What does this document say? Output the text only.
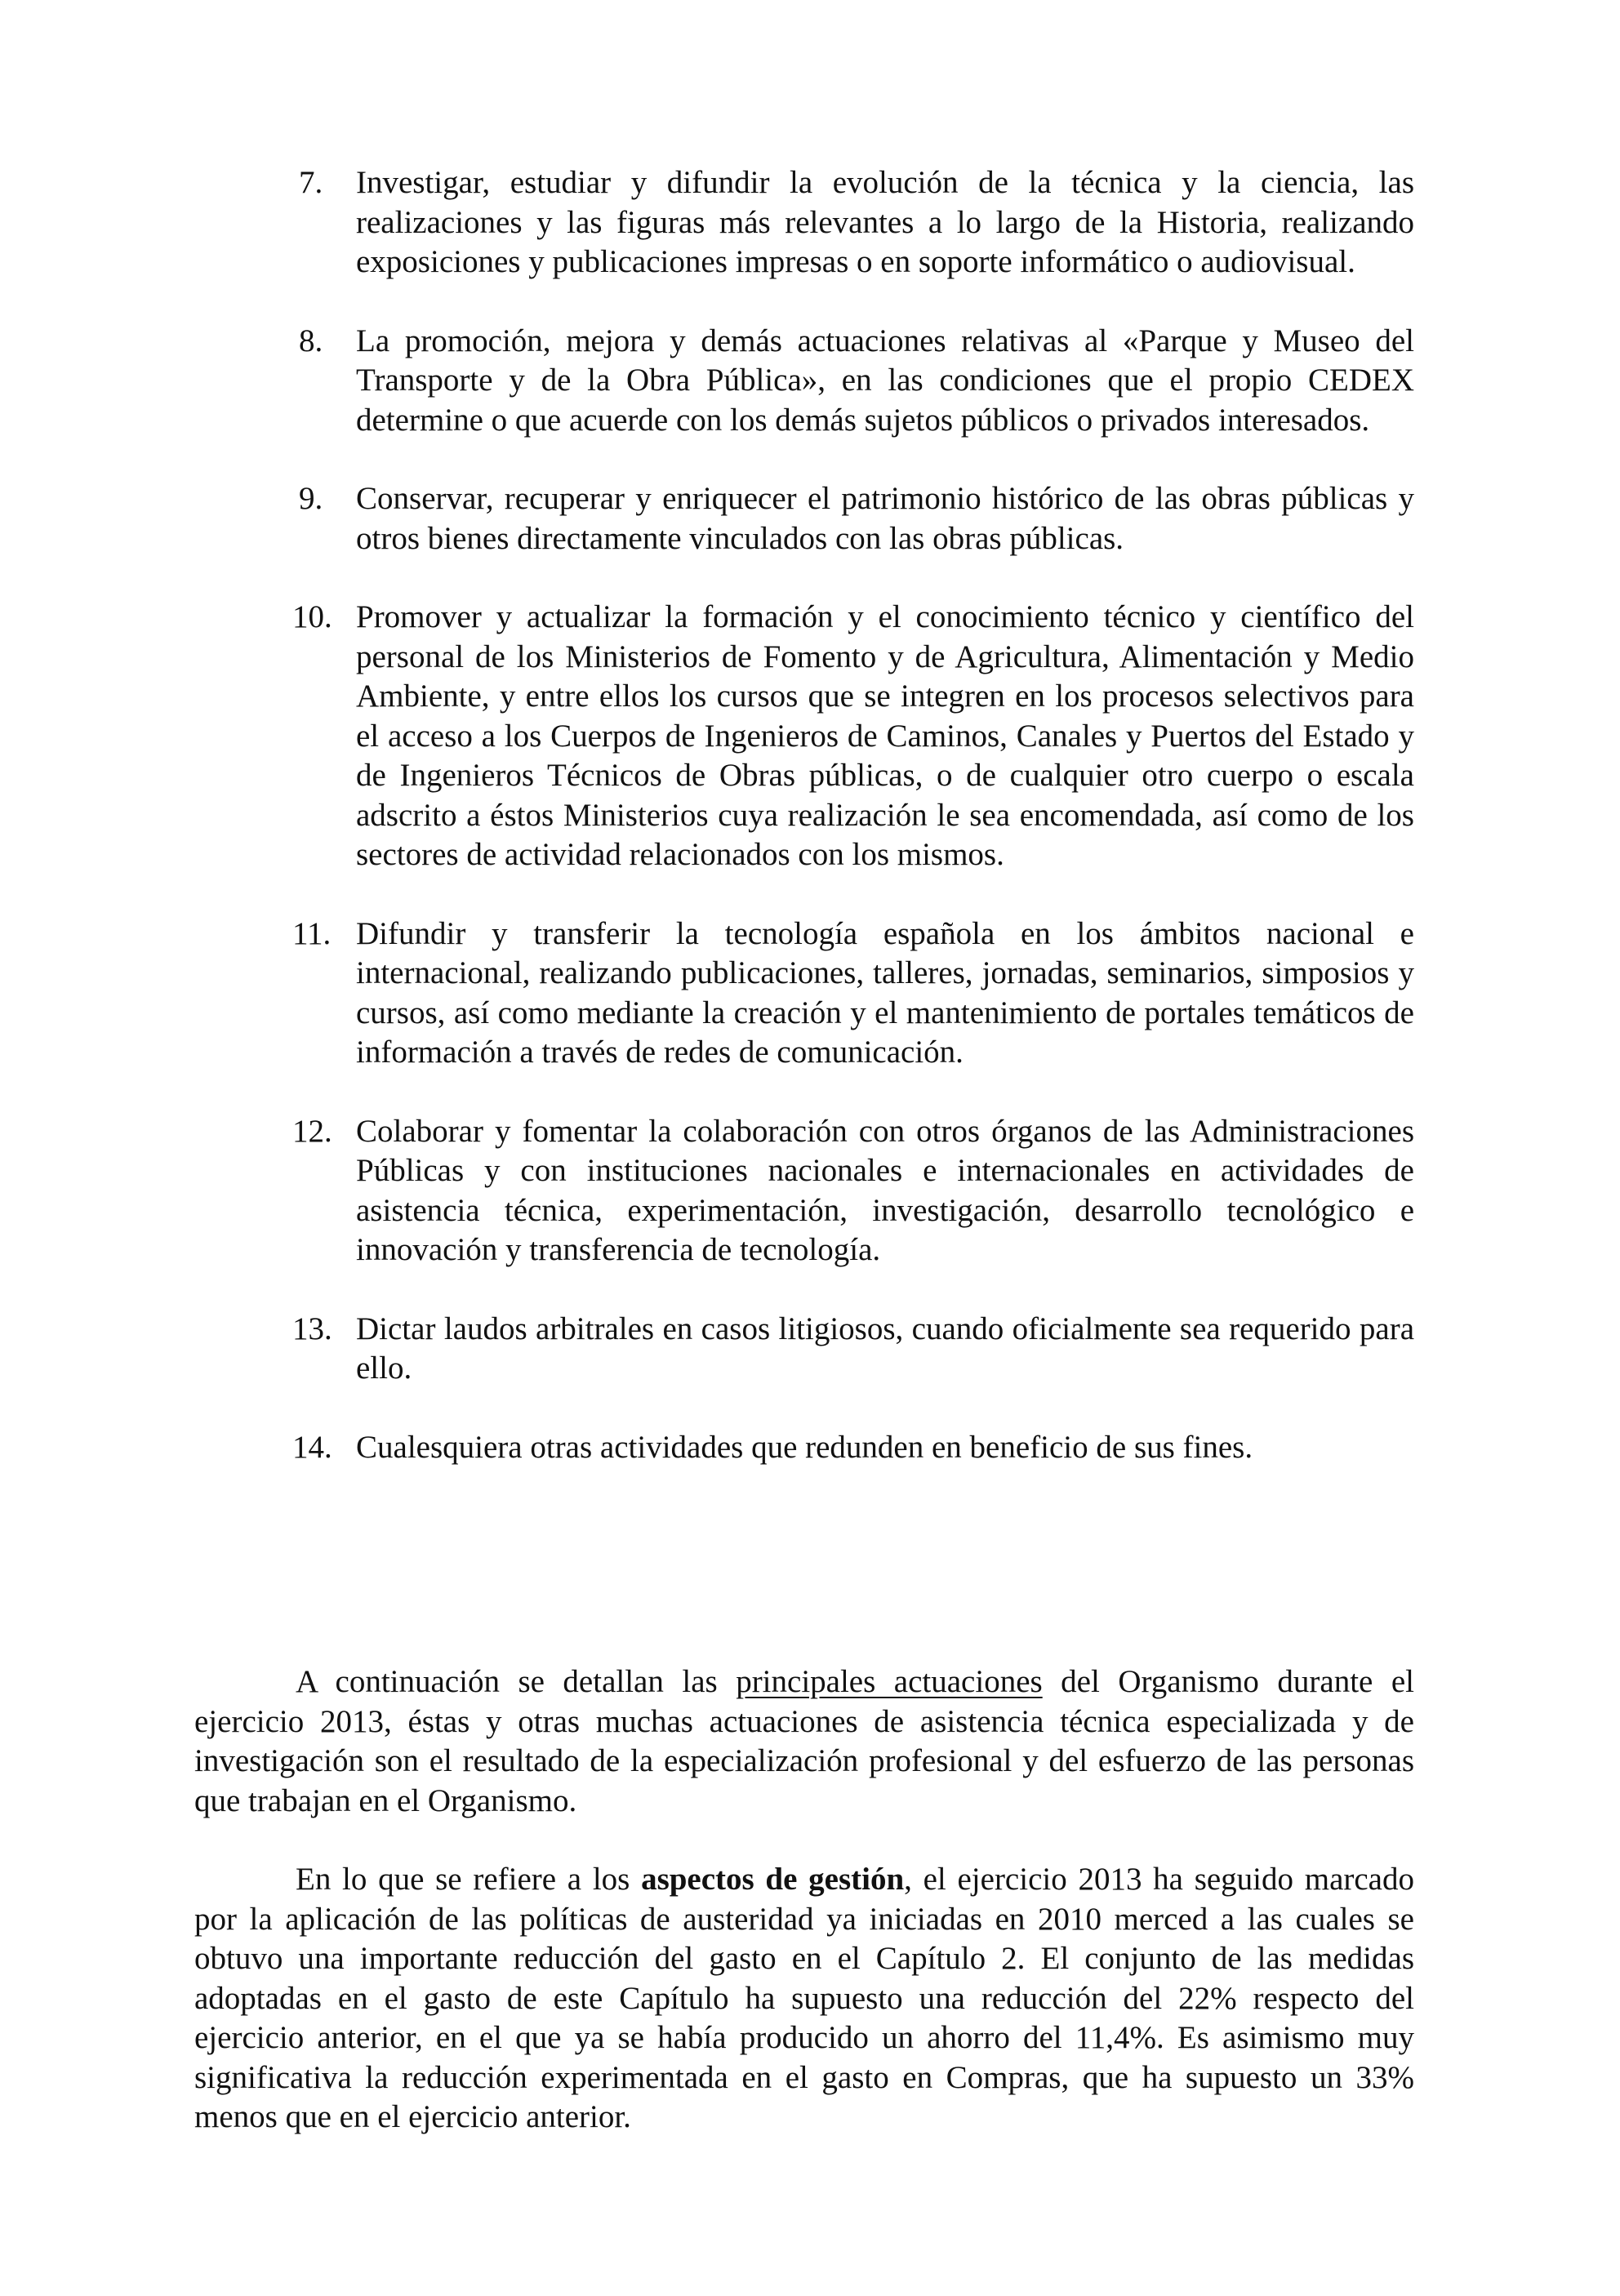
7. Investigar, estudiar y difundir la evolución de la técnica y la ciencia, las realizaciones y las figuras más relevantes a lo largo de la Historia, realizando exposiciones y publicaciones impresas o en soporte informático o audiovisual.
8. La promoción, mejora y demás actuaciones relativas al «Parque y Museo del Transporte y de la Obra Pública», en las condiciones que el propio CEDEX determine o que acuerde con los demás sujetos públicos o privados interesados.
9. Conservar, recuperar y enriquecer el patrimonio histórico de las obras públicas y otros bienes directamente vinculados con las obras públicas.
10. Promover y actualizar la formación y el conocimiento técnico y científico del personal de los Ministerios de Fomento y de Agricultura, Alimentación y Medio Ambiente, y entre ellos los cursos que se integren en los procesos selectivos para el acceso a los Cuerpos de Ingenieros de Caminos, Canales y Puertos del Estado y de Ingenieros Técnicos de Obras públicas, o de cualquier otro cuerpo o escala adscrito a éstos Ministerios cuya realización le sea encomendada, así como de los sectores de actividad relacionados con los mismos.
11. Difundir y transferir la tecnología española en los ámbitos nacional e internacional, realizando publicaciones, talleres, jornadas, seminarios, simposios y cursos, así como mediante la creación y el mantenimiento de portales temáticos de información a través de redes de comunicación.
12. Colaborar y fomentar la colaboración con otros órganos de las Administraciones Públicas y con instituciones nacionales e internacionales en actividades de asistencia técnica, experimentación, investigación, desarrollo tecnológico e innovación y transferencia de tecnología.
13. Dictar laudos arbitrales en casos litigiosos, cuando oficialmente sea requerido para ello.
14. Cualesquiera otras actividades que redunden en beneficio de sus fines.

A continuación se detallan las principales actuaciones del Organismo durante el ejercicio 2013, éstas y otras muchas actuaciones de asistencia técnica especializada y de investigación son el resultado de la especialización profesional y del esfuerzo de las personas que trabajan en el Organismo.

En lo que se refiere a los aspectos de gestión, el ejercicio 2013 ha seguido marcado por la aplicación de las políticas de austeridad ya iniciadas en 2010 merced a las cuales se obtuvo una importante reducción del gasto en el Capítulo 2. El conjunto de las medidas adoptadas en el gasto de este Capítulo ha supuesto una reducción del 22% respecto del ejercicio anterior, en el que ya se había producido un ahorro del 11,4%. Es asimismo muy significativa la reducción experimentada en el gasto en Compras, que ha supuesto un 33% menos que en el ejercicio anterior.
